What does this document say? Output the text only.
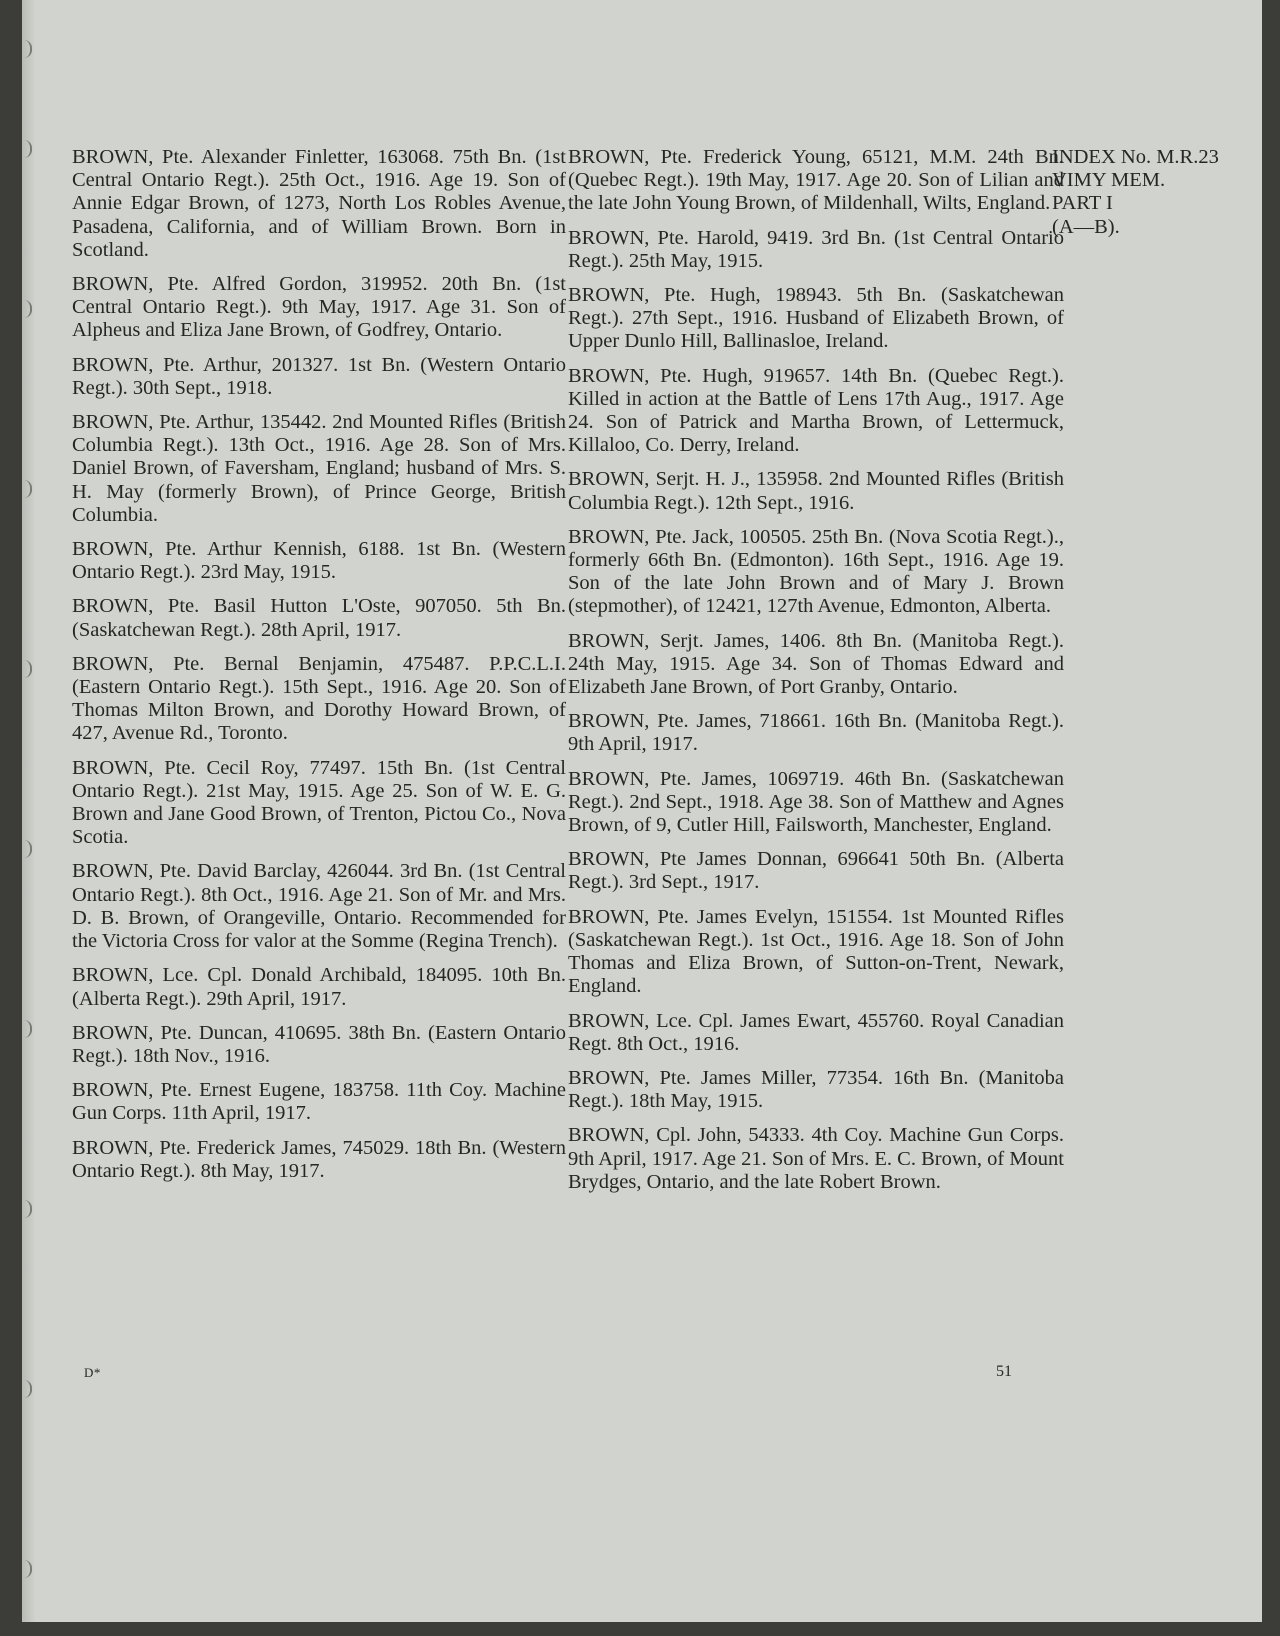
BROWN, Pte. Alexander Finletter, 163068. 75th Bn. (1st Central Ontario Regt.). 25th Oct., 1916. Age 19. Son of Annie Edgar Brown, of 1273, North Los Robles Avenue, Pasadena, California, and of William Brown. Born in Scotland.

BROWN, Pte. Alfred Gordon, 319952. 20th Bn. (1st Central Ontario Regt.). 9th May, 1917. Age 31. Son of Alpheus and Eliza Jane Brown, of Godfrey, Ontario.

BROWN, Pte. Arthur, 201327. 1st Bn. (Western Ontario Regt.). 30th Sept., 1918.

BROWN, Pte. Arthur, 135442. 2nd Mounted Rifles (British Columbia Regt.). 13th Oct., 1916. Age 28. Son of Mrs. Daniel Brown, of Faversham, England; husband of Mrs. S. H. May (formerly Brown), of Prince George, British Columbia.

BROWN, Pte. Arthur Kennish, 6188. 1st Bn. (Western Ontario Regt.). 23rd May, 1915.

BROWN, Pte. Basil Hutton L'Oste, 907050. 5th Bn. (Saskatchewan Regt.). 28th April, 1917.

BROWN, Pte. Bernal Benjamin, 475487. P.P.C.L.I. (Eastern Ontario Regt.). 15th Sept., 1916. Age 20. Son of Thomas Milton Brown, and Dorothy Howard Brown, of 427, Avenue Rd., Toronto.

BROWN, Pte. Cecil Roy, 77497. 15th Bn. (1st Central Ontario Regt.). 21st May, 1915. Age 25. Son of W. E. G. Brown and Jane Good Brown, of Trenton, Pictou Co., Nova Scotia.

BROWN, Pte. David Barclay, 426044. 3rd Bn. (1st Central Ontario Regt.). 8th Oct., 1916. Age 21. Son of Mr. and Mrs. D. B. Brown, of Orangeville, Ontario. Recommended for the Victoria Cross for valor at the Somme (Regina Trench).

BROWN, Lce. Cpl. Donald Archibald, 184095. 10th Bn. (Alberta Regt.). 29th April, 1917.

BROWN, Pte. Duncan, 410695. 38th Bn. (Eastern Ontario Regt.). 18th Nov., 1916.

BROWN, Pte. Ernest Eugene, 183758. 11th Coy. Machine Gun Corps. 11th April, 1917.

BROWN, Pte. Frederick James, 745029. 18th Bn. (Western Ontario Regt.). 8th May, 1917.

BROWN, Pte. Frederick Young, 65121, M.M. 24th Bn. (Quebec Regt.). 19th May, 1917. Age 20. Son of Lilian and the late John Young Brown, of Mildenhall, Wilts, England.

BROWN, Pte. Harold, 9419. 3rd Bn. (1st Central Ontario Regt.). 25th May, 1915.

BROWN, Pte. Hugh, 198943. 5th Bn. (Saskatchewan Regt.). 27th Sept., 1916. Husband of Elizabeth Brown, of Upper Dunlo Hill, Ballinasloe, Ireland.

BROWN, Pte. Hugh, 919657. 14th Bn. (Quebec Regt.). Killed in action at the Battle of Lens 17th Aug., 1917. Age 24. Son of Patrick and Martha Brown, of Lettermuck, Killaloo, Co. Derry, Ireland.

BROWN, Serjt. H. J., 135958. 2nd Mounted Rifles (British Columbia Regt.). 12th Sept., 1916.

BROWN, Pte. Jack, 100505. 25th Bn. (Nova Scotia Regt.)., formerly 66th Bn. (Edmonton). 16th Sept., 1916. Age 19. Son of the late John Brown and of Mary J. Brown (stepmother), of 12421, 127th Avenue, Edmonton, Alberta.

BROWN, Serjt. James, 1406. 8th Bn. (Manitoba Regt.). 24th May, 1915. Age 34. Son of Thomas Edward and Elizabeth Jane Brown, of Port Granby, Ontario.

BROWN, Pte. James, 718661. 16th Bn. (Manitoba Regt.). 9th April, 1917.

BROWN, Pte. James, 1069719. 46th Bn. (Saskatchewan Regt.). 2nd Sept., 1918. Age 38. Son of Matthew and Agnes Brown, of 9, Cutler Hill, Failsworth, Manchester, England.

BROWN, Pte James Donnan, 696641 50th Bn. (Alberta Regt.). 3rd Sept., 1917.

BROWN, Pte. James Evelyn, 151554. 1st Mounted Rifles (Saskatchewan Regt.). 1st Oct., 1916. Age 18. Son of John Thomas and Eliza Brown, of Sutton-on-Trent, Newark, England.

BROWN, Lce. Cpl. James Ewart, 455760. Royal Canadian Regt. 8th Oct., 1916.

BROWN, Pte. James Miller, 77354. 16th Bn. (Manitoba Regt.). 18th May, 1915.

BROWN, Cpl. John, 54333. 4th Coy. Machine Gun Corps. 9th April, 1917. Age 21. Son of Mrs. E. C. Brown, of Mount Brydges, Ontario, and the late Robert Brown.

INDEX No. M.R.23
VIMY MEM.
PART I
(A—B).
D*	51
